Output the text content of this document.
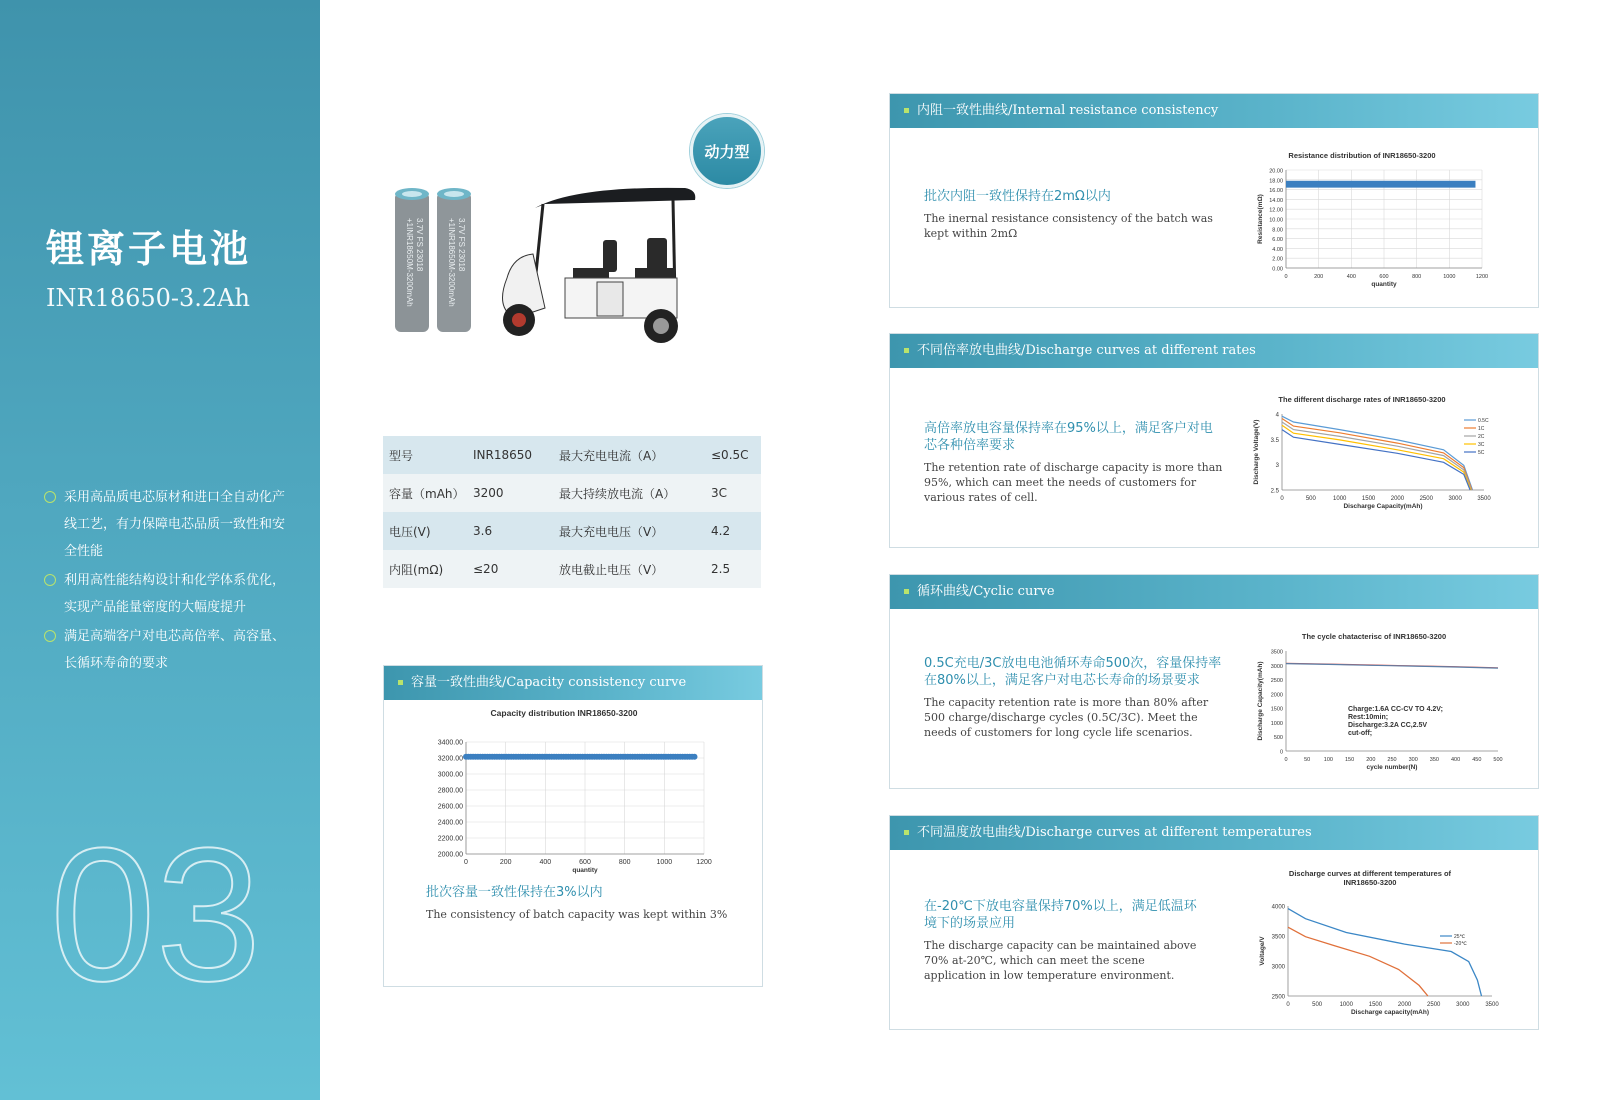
锂离子电池
INR18650-3.2Ah
采用高品质电芯原材和进口全自动化产线工艺，有力保障电芯品质一致性和安全性能
利用高性能结构设计和化学体系优化，实现产品能量密度的大幅度提升
满足高端客户对电芯高倍率、高容量、长循环寿命的要求
03
+1INR18650M-3200mAh 3.7V FS 23018	+1INR18650M-3200mAh 3.7V FS 23018
动力型
型号	INR18650	最大充电电流（A）	≤0.5C
容量（mAh）	3200	最大持续放电流（A）	3C
电压(V)	3.6	最大充电电压（V）	4.2
内阻(mΩ)	≤20	放电截止电压（V）	2.5
容量一致性曲线/Capacity consistency curve
Capacity distribution INR18650-3200
2000.00
2200.00
2400.00
2600.00
2800.00
3000.00
3200.00
3400.00
0	200	400	600	800	1000	1200
quantity
批次容量一致性保持在3%以内
The consistency of batch capacity was kept within 3%
内阻一致性曲线/Internal resistance consistency
批次内阻一致性保持在2mΩ以内
The inernal resistance consistency of the batch was kept within 2mΩ
Resistance distribution of INR18650-3200
0.00
2.00
4.00
6.00
8.00
10.00
12.00
14.00
16.00
18.00
20.00
0	200	400	600	800	1000	1200
quantity
Resistance(mΩ)
不同倍率放电曲线/Discharge curves at different rates
高倍率放电容量保持率在95%以上，满足客户对电芯各种倍率要求
The retention rate of discharge capacity is more than 95%, which can meet the needs of customers for various rates of cell.
The different discharge rates of INR18650-3200
2.5
3
3.5
4
0	500	1000	1500	2000	2500	3000	3500
Discharge Capacity(mAh)
Discharge Voltage(V)	0.5C
1C
2C
3C
5C
循环曲线/Cyclic curve
0.5C充电/3C放电电池循环寿命500次，容量保持率在80%以上，满足客户对电芯长寿命的场景要求
The capacity retention rate is more than 80% after 500 charge/discharge cycles (0.5C/3C). Meet the needs of customers for long cycle life scenarios.
The cycle chatacterisc of INR18650-3200
0
500
1000
1500
2000
2500
3000
3500
0	50 100 150 200 250 300 350 400 450 500
cycle number(N)
Discharge Capacity(mAh)	Charge:1.6A CC-CV TO 4.2V;
Rest:10min;
Discharge:3.2A CC,2.5V
cut-off;
不同温度放电曲线/Discharge curves at different temperatures
在-20℃下放电容量保持70%以上，满足低温环境下的场景应用
The discharge capacity can be maintained above 70% at-20℃, which can meet the scene application in low temperature environment.
Discharge curves at different temperatures of
INR18650-3200
2500
3000
3500
4000
0	500	1000	1500	2000	2500	3000	3500
Discharge capacity(mAh)
Voltage/V	25℃
-20℃
